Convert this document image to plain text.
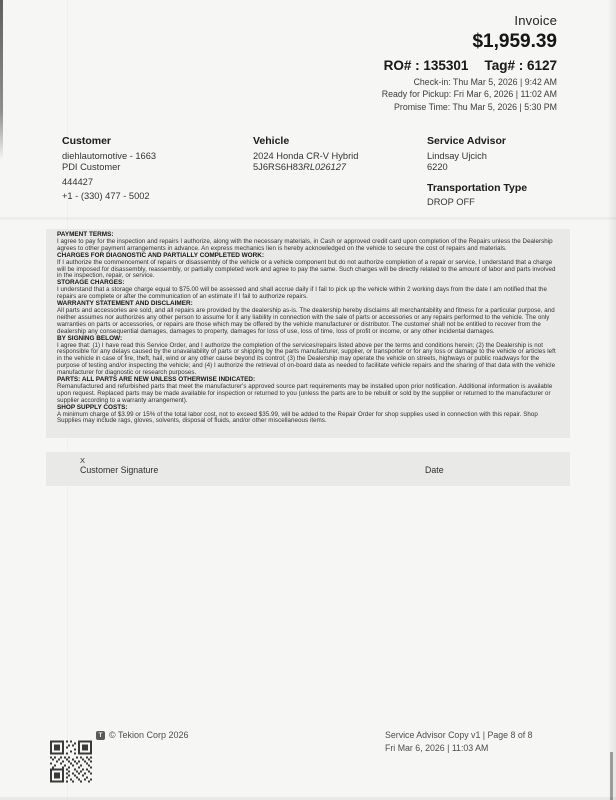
Invoice
$1,959.39
RO# : 135301 Tag# : 6127
Check-in: Thu Mar 5, 2026 | 9:42 AM
Ready for Pickup: Fri Mar 6, 2026 | 11:02 AM
Promise Time: Thu Mar 5, 2026 | 5:30 PM
Customer
diehlautomotive - 1663
PDI Customer
444427
+1 - (330) 477 - 5002
Vehicle
2024 Honda CR-V Hybrid
5J6RS6H83RL026127
Service Advisor
Lindsay Ujcich
6220
Transportation Type
DROP OFF
PAYMENT TERMS:
I agree to pay for the inspection and repairs I authorize, along with the necessary materials, in Cash or approved credit card upon completion of the Repairs unless the Dealership agrees to other payment arrangements in advance. An express mechanics lien is hereby acknowledged on the vehicle to secure the cost of repairs and materials.
CHARGES FOR DIAGNOSTIC AND PARTIALLY COMPLETED WORK:
If I authorize the commencement of repairs or disassembly of the vehicle or a vehicle component but do not authorize completion of a repair or service, I understand that a charge will be imposed for disassembly, reassembly, or partially completed work and agree to pay the same. Such charges will be directly related to the amount of labor and parts involved in the inspection, repair, or service.
STORAGE CHARGES:
I understand that a storage charge equal to $75.00 will be assessed and shall accrue daily if I fail to pick up the vehicle within 2 working days from the date I am notified that the repairs are complete or after the communication of an estimate if I fail to authorize repairs.
WARRANTY STATEMENT AND DISCLAIMER:
All parts and accessories are sold, and all repairs are provided by the dealership as-is. The dealership hereby disclaims all merchantability and fitness for a particular purpose, and neither assumes nor authorizes any other person to assume for it any liability in connection with the sale of parts or accessories or any repairs performed to the vehicle. The only warranties on parts or accessories, or repairs are those which may be offered by the vehicle manufacturer or distributor. The customer shall not be entitled to recover from the dealership any consequential damages, damages to property, damages for loss of use, loss of time, loss of profit or income, or any other incidental damages.
BY SIGNING BELOW:
I agree that: (1) I have read this Service Order, and I authorize the completion of the services/repairs listed above per the terms and conditions herein; (2) the Dealership is not responsible for any delays caused by the unavailability of parts or shipping by the parts manufacturer, supplier, or transporter or for any loss or damage to the vehicle or articles left in the vehicle in case of fire, theft, hail, wind or any other cause beyond its control; (3) the Dealership may operate the vehicle on streets, highways or public roadways for the purpose of testing and/or inspecting the vehicle; and (4) I authorize the retrieval of on-board data as needed to facilitate vehicle repairs and the sharing of that data with the vehicle manufacturer for diagnostic or research purposes.
PARTS: ALL PARTS ARE NEW UNLESS OTHERWISE INDICATED:
Remanufactured and refurbished parts that meet the manufacturer's approved source part requirements may be installed upon prior notification. Additional information is available upon request. Replaced parts may be made available for inspection or returned to you (unless the parts are to be rebuilt or sold by the supplier or returned to the manufacturer or supplier according to a warranty arrangement).
SHOP SUPPLY COSTS:
A minimum charge of $3.99 or 15% of the total labor cost, not to exceed $35.99, will be added to the Repair Order for shop supplies used in connection with this repair. Shop Supplies may include rags, gloves, solvents, disposal of fluids, and/or other miscellaneous items.
X
Customer Signature	Date
T © Tekion Corp 2026	Service Advisor Copy v1 | Page 8 of 8
Fri Mar 6, 2026 | 11:03 AM
